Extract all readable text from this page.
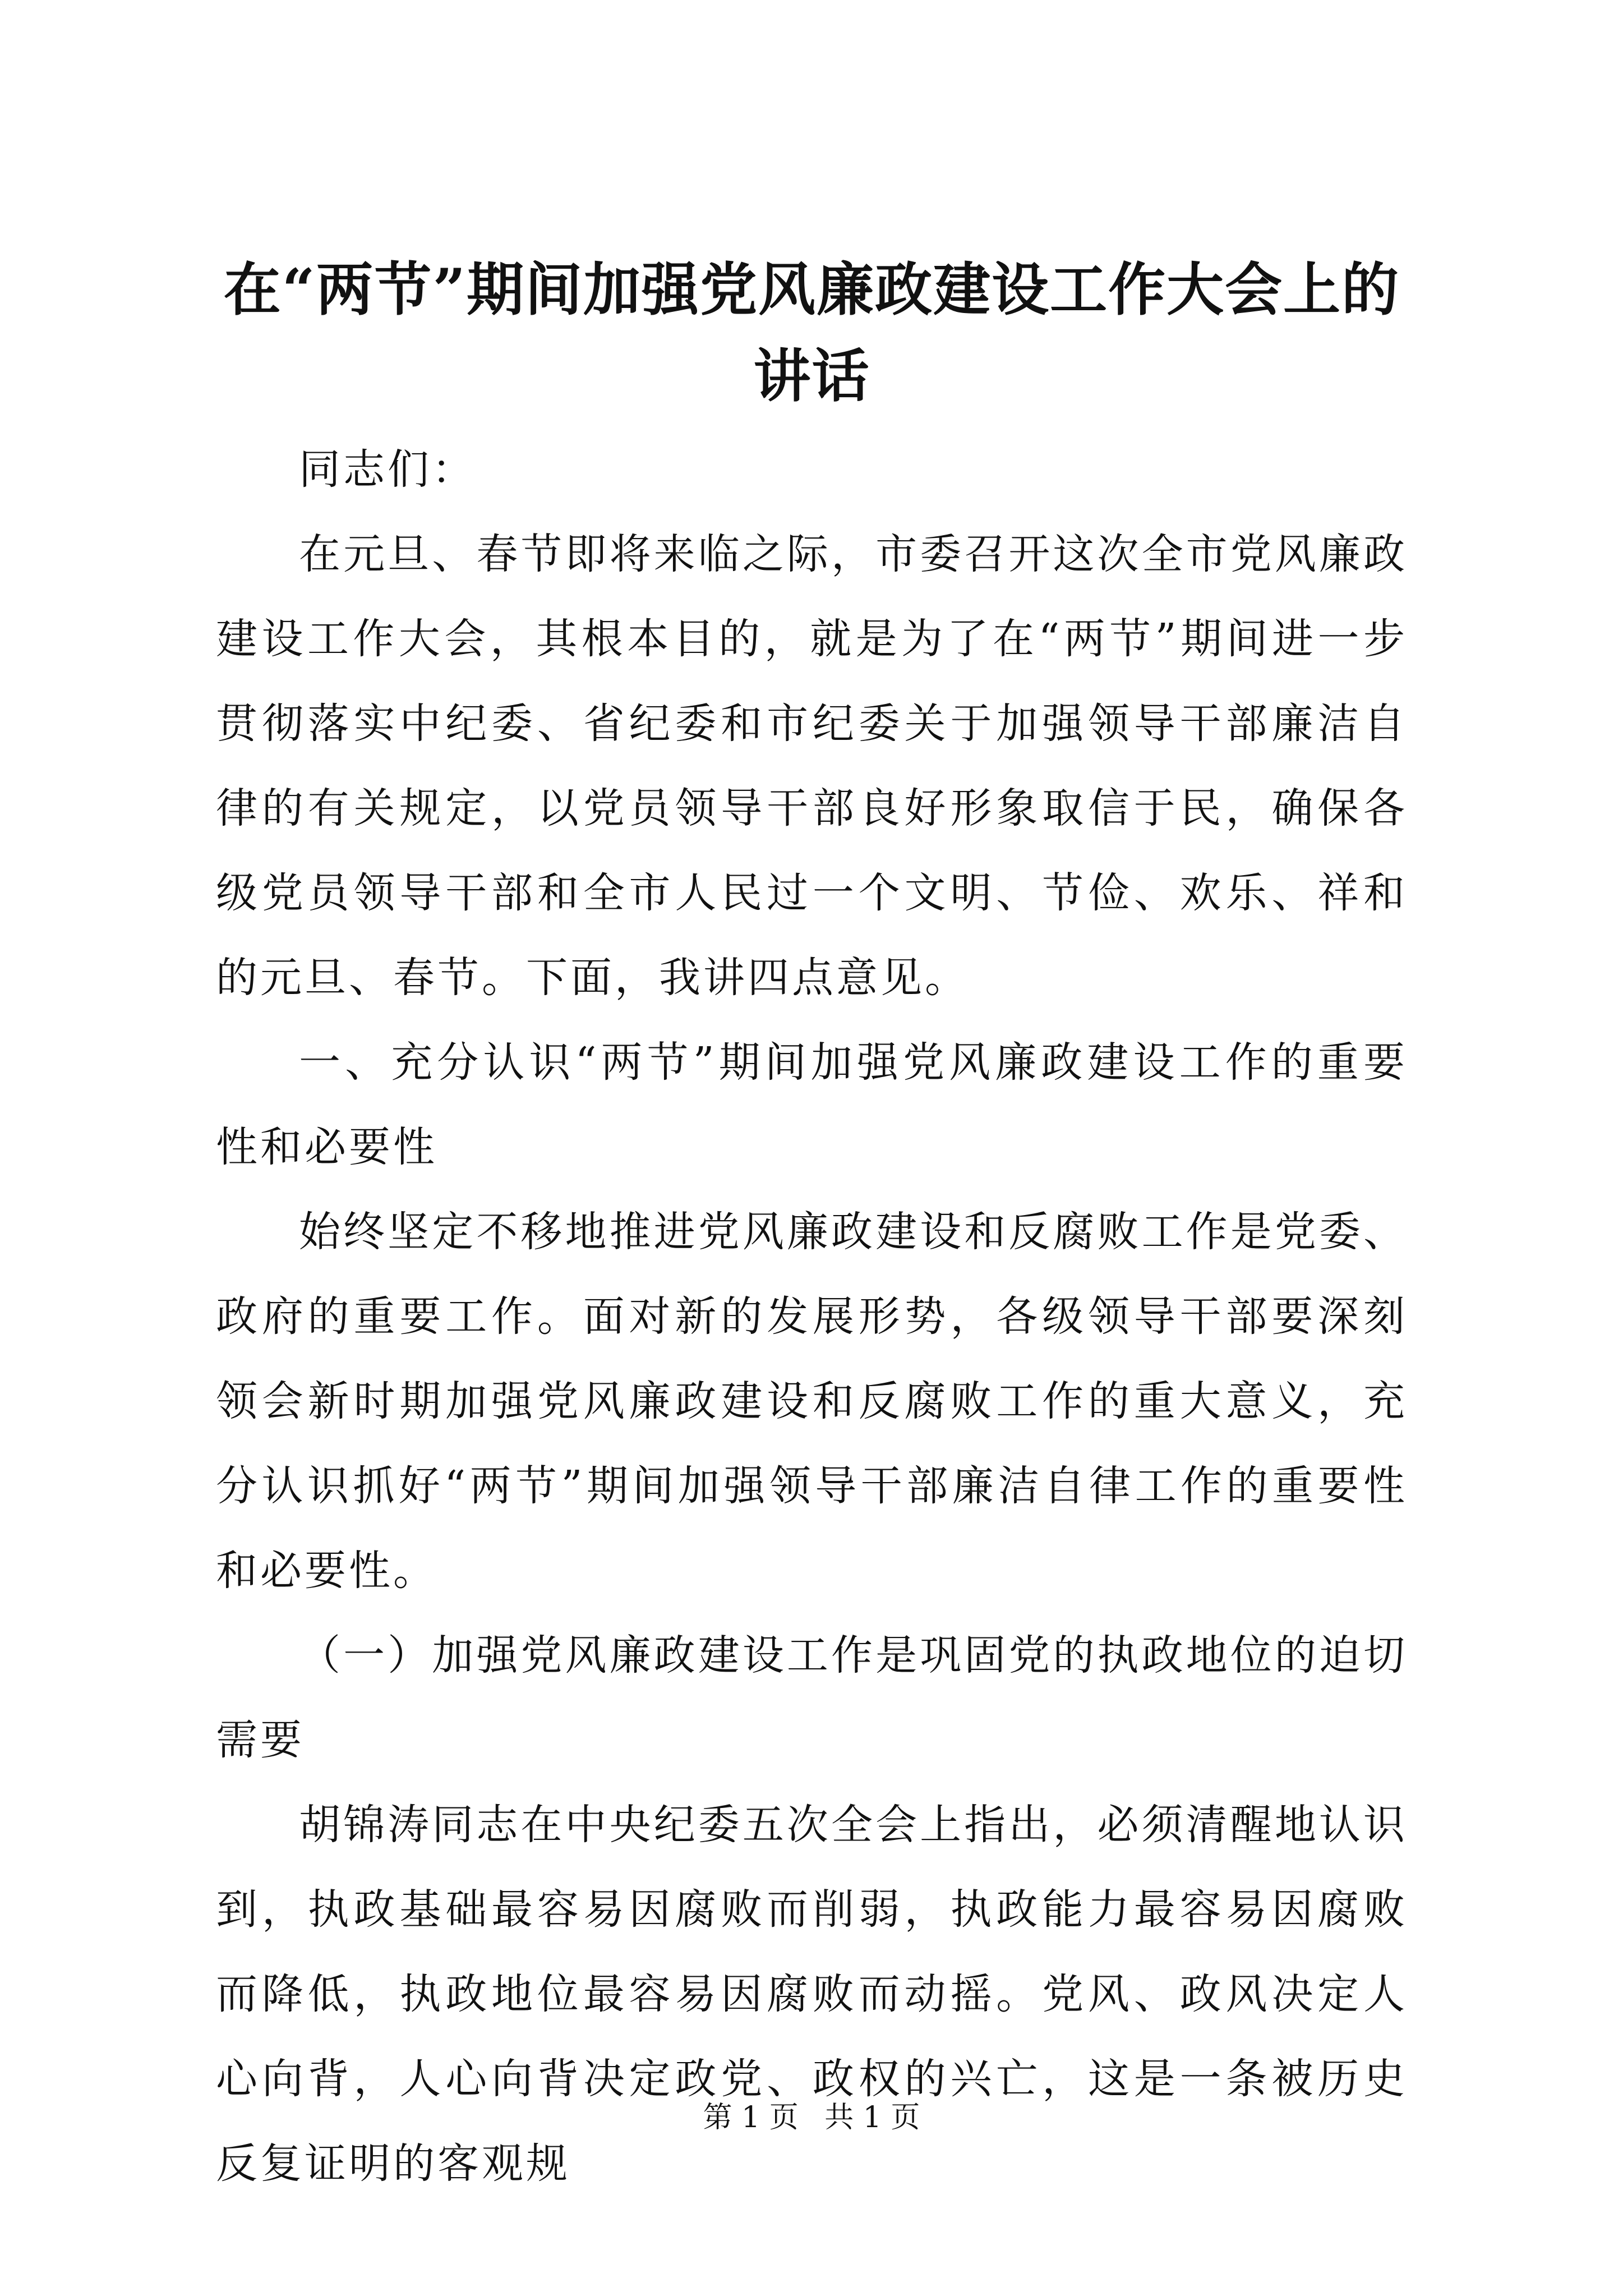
在“两节”期间加强党风廉政建设工作大会上的讲话

同志们：

在元旦、春节即将来临之际，市委召开这次全市党风廉政建设工作大会，其根本目的，就是为了在“两节”期间进一步贯彻落实中纪委、省纪委和市纪委关于加强领导干部廉洁自律的有关规定，以党员领导干部良好形象取信于民，确保各级党员领导干部和全市人民过一个文明、节俭、欢乐、祥和的元旦、春节。下面，我讲四点意见。

一、充分认识“两节”期间加强党风廉政建设工作的重要性和必要性

始终坚定不移地推进党风廉政建设和反腐败工作是党委、政府的重要工作。面对新的发展形势，各级领导干部要深刻领会新时期加强党风廉政建设和反腐败工作的重大意义，充分认识抓好“两节”期间加强领导干部廉洁自律工作的重要性和必要性。

（一）加强党风廉政建设工作是巩固党的执政地位的迫切需要

胡锦涛同志在中央纪委五次全会上指出，必须清醒地认识到，执政基础最容易因腐败而削弱，执政能力最容易因腐败而降低，执政地位最容易因腐败而动摇。党风、政风决定人心向背，人心向背决定政党、政权的兴亡，这是一条被历史反复证明的客观规

第 1 页 共 1 页
